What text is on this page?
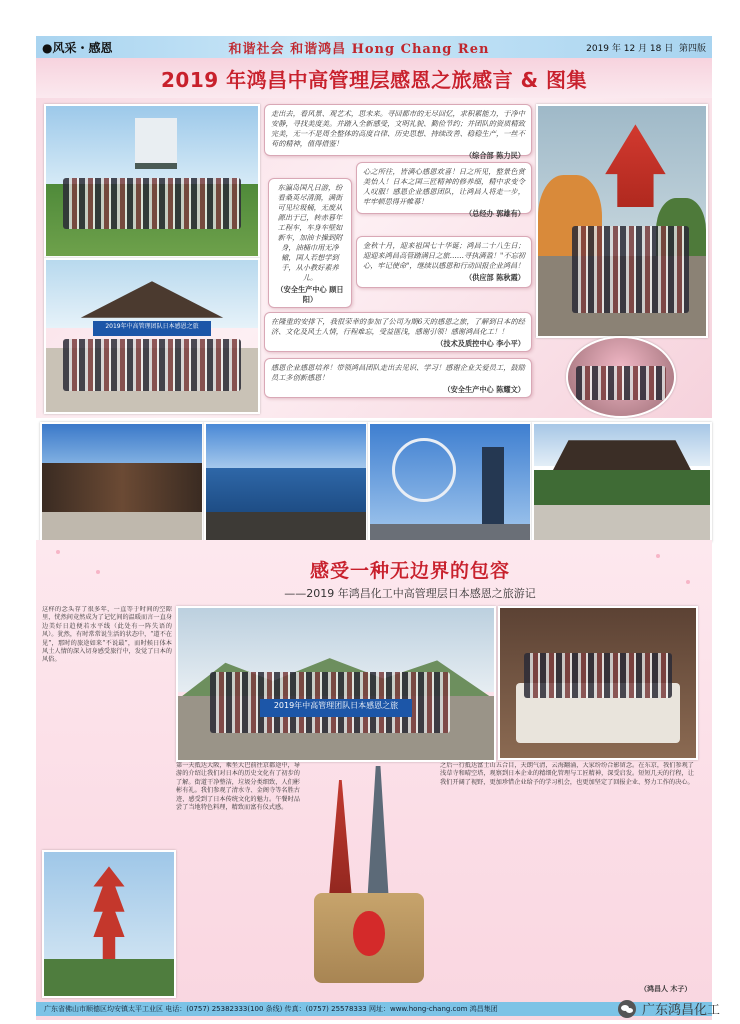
●风采・感恩	和谐社会 和谐鸿昌 Hong Chang Ren	2019 年 12 月 18 日 第四版
2019 年鸿昌中高管理层感恩之旅感言 & 图集
2019年中高管理团队日本感恩之旅
走出去，看风景、观艺术，思未来。寻回都市的无尽回忆，求积累能力，于净中安静，寻找美度美。并踏入全新感受，文明礼貌、勤俭节约；并团队的资质精致完美，无一不是周全整体的高度自律、历史思想、持续改善、稳稳生产，一丝不苟的精神，值得借鉴！
（综合部 陈力民）
心之所往，皆满心感恩欢喜！日之所见，整景色赏美怡人！日本之国三匠精神的修养细，精中求变令人叹服！感恩企业感恩团队，让鸿昌人将走一步，牢牢顿思得开帷幕！
（总经办 郭雄有）
东瀛岛国凡日游，纷看桑英尽清漪，满街可见垃圾桶，无废从源出于已，转赤暮年工程车，车身车壁如新车，加油卡操到附身，油桶巾用无净辙，国人若想学到手，从小教好素养儿。
（安全生产中心 顾日阳）
金秋十月，迎来祖国七十华诞；鸿昌二十八生日；迎迎来鸿昌高管踏满日之旅……寻执满盈！"不忘初心，牢记使命"，继续以感恩和行动回报企业鸿昌！
（供应部 陈秋霞）
在隆重的安排下，我很荣幸的参加了公司为期6天的感恩之旅，了解到日本的经济、文化及风土人情，行程难忘，受益匪浅，感谢引领！感谢鸿昌化工！！
（技术及质控中心 李小平）
感恩企业感恩培养！带领鸿昌团队走出去见识、学习！感谢企业关爱员工，鼓励员工多创新感恩！
（安全生产中心 陈耀文）
感受一种无边界的包容
——2019 年鸿昌化工中高管理层日本感恩之旅游记
这样的念头存了很多年，一直等于时间的空隙里，恍然间竟然成为了记忆间的温暖而言一直身边美好日趋便若水平线（此处有一阵失语的风）。犹然，有时常常说生活的状态中，“道不在见”，那时的旅途如来“不说最”，而时候日体本风土人情的深入切身感受旅行中，发觉了日本的风俗。
2019年中高管理团队日本感恩之旅
第一天抵达大阪，乘坐大巴前往京都途中，导游的介绍让我们对日本的历史文化有了初步的了解。街道干净整洁，垃圾分类细致，人们彬彬有礼。我们参观了清水寺、金阁寺等名胜古迹，感受到了日本传统文化的魅力。午餐时品尝了当地特色料理，精致而富有仪式感。
之后一行抵达富士山五合目，天朗气清，云海翻涌，大家纷纷合影留念。在东京，我们参观了浅草寺和晴空塔，观察到日本企业的精细化管理与工匠精神，深受启发。短短几天的行程，让我们开阔了视野，更加珍惜企业给予的学习机会，也更加坚定了回报企业、努力工作的决心。
（鸿昌人 木子）
广东省佛山市顺德区均安镇太平工业区 电话：(0757) 25382333(100 条线) 传真：(0757) 25578333 网址：www.hong-chang.com 鸿昌集团	广东鸿昌化工
